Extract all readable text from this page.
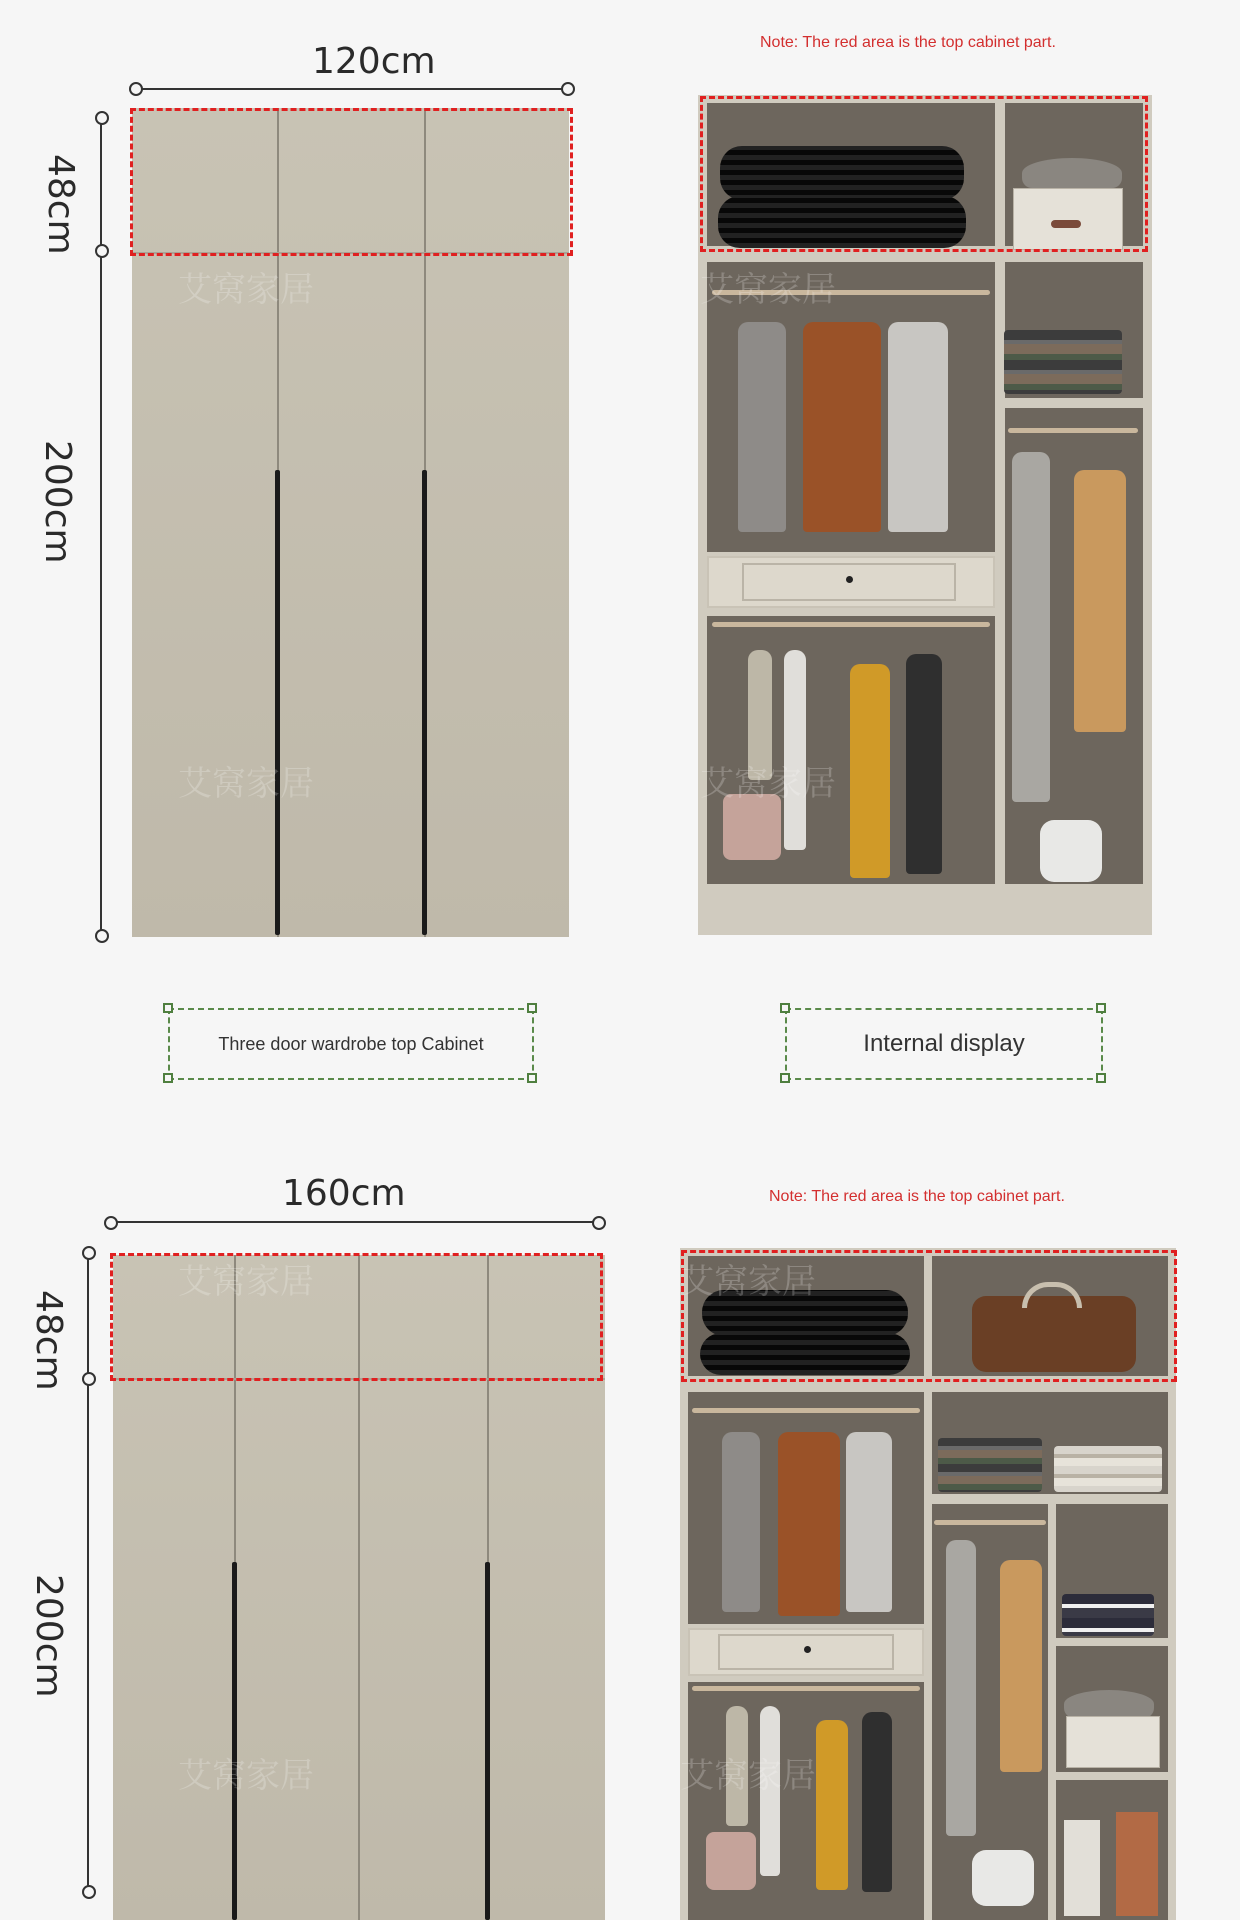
120cm
48cm
200cm
艾窝家居
艾窝家居
Note: The red area is the top cabinet part.
艾窝家居
艾窝家居
Three door wardrobe top Cabinet	Internal display
160cm
48cm
200cm
艾窝家居
艾窝家居
Note: The red area is the top cabinet part.
艾窝家居
艾窝家居
